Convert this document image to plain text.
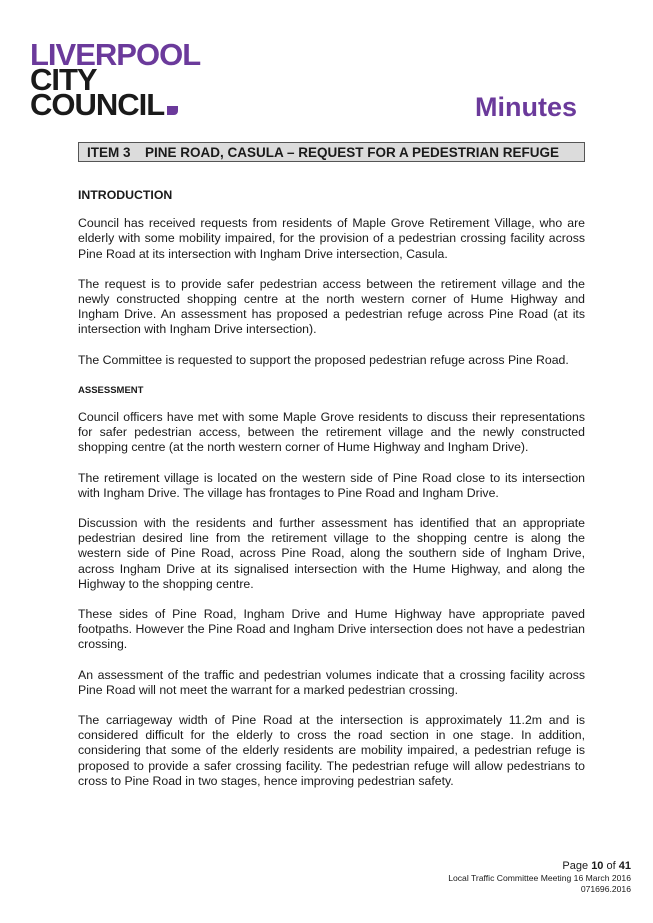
LIVERPOOL
CITY
COUNCIL	Minutes
ITEM 3 PINE ROAD, CASULA – REQUEST FOR A PEDESTRIAN REFUGE
INTRODUCTION

Council has received requests from residents of Maple Grove Retirement Village, who are elderly with some mobility impaired, for the provision of a pedestrian crossing facility across Pine Road at its intersection with Ingham Drive intersection, Casula.

The request is to provide safer pedestrian access between the retirement village and the newly constructed shopping centre at the north western corner of Hume Highway and Ingham Drive. An assessment has proposed a pedestrian refuge across Pine Road (at its intersection with Ingham Drive intersection).

The Committee is requested to support the proposed pedestrian refuge across Pine Road.

ASSESSMENT

Council officers have met with some Maple Grove residents to discuss their representations for safer pedestrian access, between the retirement village and the newly constructed shopping centre (at the north western corner of Hume Highway and Ingham Drive).

The retirement village is located on the western side of Pine Road close to its intersection with Ingham Drive. The village has frontages to Pine Road and Ingham Drive.

Discussion with the residents and further assessment has identified that an appropriate pedestrian desired line from the retirement village to the shopping centre is along the western side of Pine Road, across Pine Road, along the southern side of Ingham Drive, across Ingham Drive at its signalised intersection with the Hume Highway, and along the Highway to the shopping centre.

These sides of Pine Road, Ingham Drive and Hume Highway have appropriate paved footpaths. However the Pine Road and Ingham Drive intersection does not have a pedestrian crossing.

An assessment of the traffic and pedestrian volumes indicate that a crossing facility across Pine Road will not meet the warrant for a marked pedestrian crossing.

The carriageway width of Pine Road at the intersection is approximately 11.2m and is considered difficult for the elderly to cross the road section in one stage. In addition, considering that some of the elderly residents are mobility impaired, a pedestrian refuge is proposed to provide a safer crossing facility. The pedestrian refuge will allow pedestrians to cross to Pine Road in two stages, hence improving pedestrian safety.

Page 10 of 41
Local Traffic Committee Meeting 16 March 2016
071696.2016
